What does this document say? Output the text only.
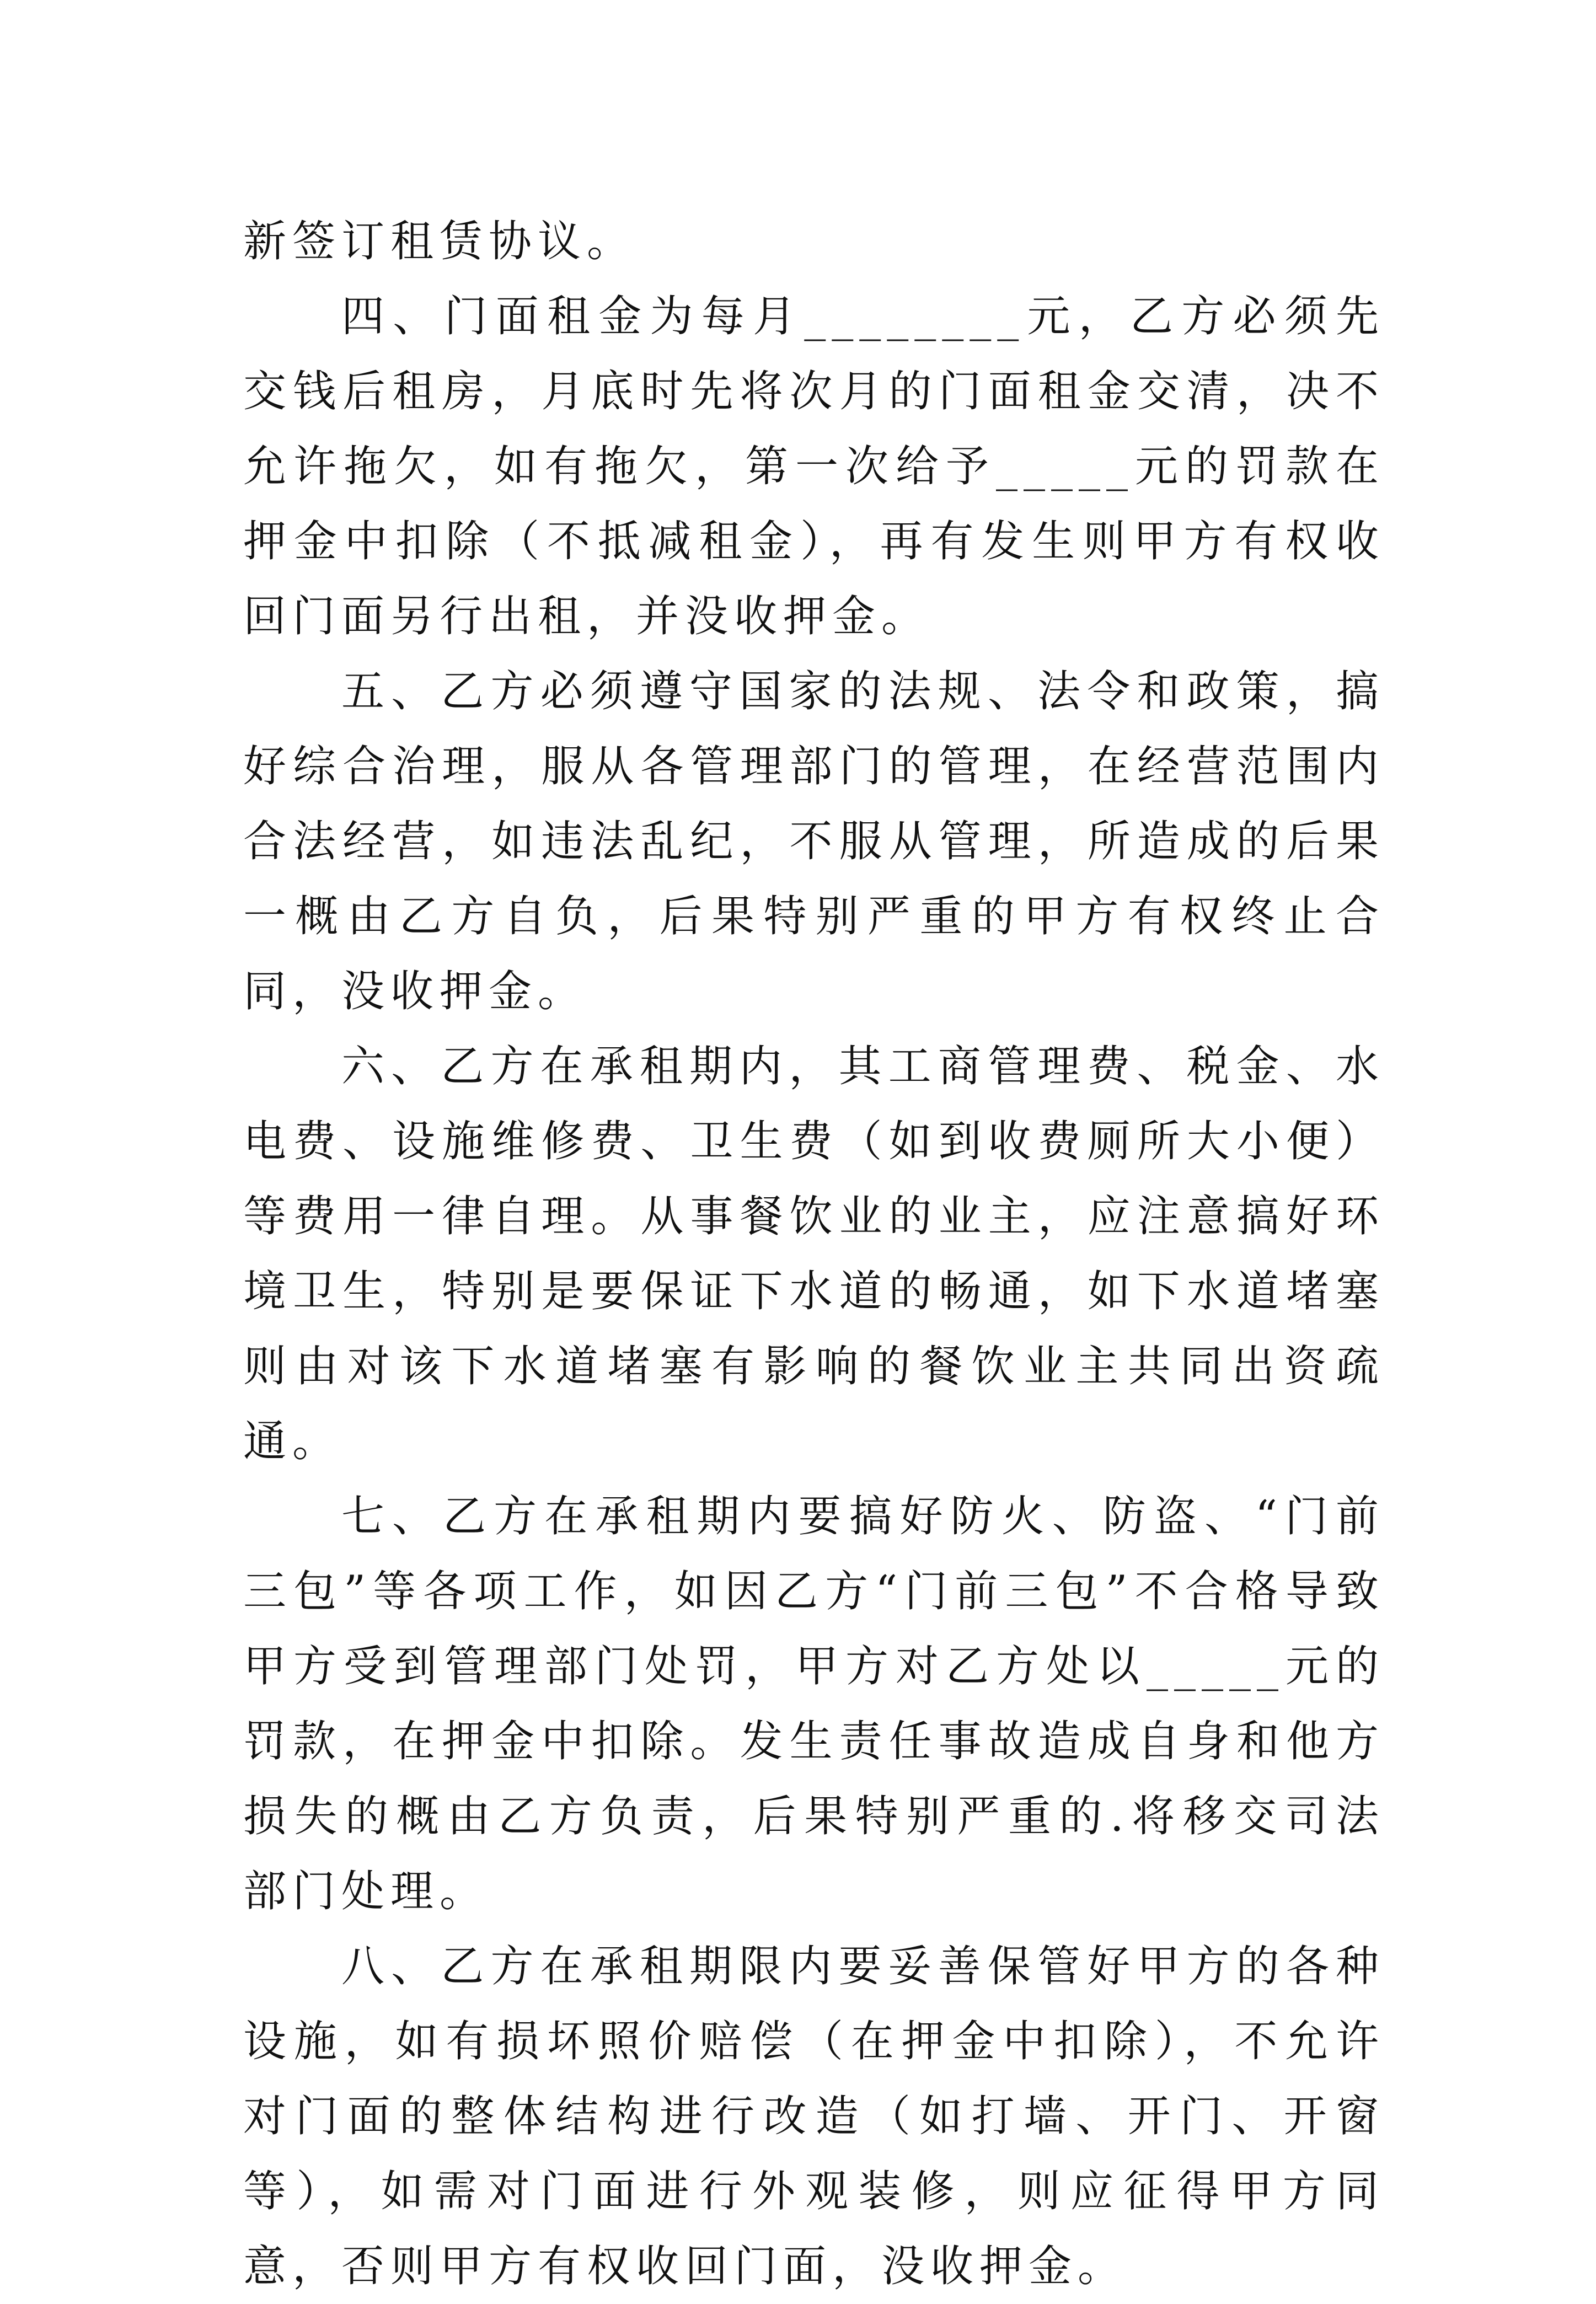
新签订租赁协议。

四、门面租金为每月________元，乙方必须先交钱后租房，月底时先将次月的门面租金交清，决不允许拖欠，如有拖欠，第一次给予_____元的罚款在押金中扣除（不抵减租金），再有发生则甲方有权收回门面另行出租，并没收押金。

五、乙方必须遵守国家的法规、法令和政策，搞好综合治理，服从各管理部门的管理，在经营范围内合法经营，如违法乱纪，不服从管理，所造成的后果一概由乙方自负，后果特别严重的甲方有权终止合同，没收押金。

六、乙方在承租期内，其工商管理费、税金、水电费、设施维修费、卫生费（如到收费厕所大小便）等费用一律自理。从事餐饮业的业主，应注意搞好环境卫生，特别是要保证下水道的畅通，如下水道堵塞则由对该下水道堵塞有影响的餐饮业主共同出资疏通。

七、乙方在承租期内要搞好防火、防盗、“门前三包”等各项工作，如因乙方“门前三包”不合格导致甲方受到管理部门处罚，甲方对乙方处以_____元的罚款，在押金中扣除。发生责任事故造成自身和他方损失的概由乙方负责，后果特别严重的.将移交司法部门处理。

八、乙方在承租期限内要妥善保管好甲方的各种设施，如有损坏照价赔偿（在押金中扣除），不允许对门面的整体结构进行改造（如打墙、开门、开窗等），如需对门面进行外观装修，则应征得甲方同意，否则甲方有权收回门面，没收押金。
